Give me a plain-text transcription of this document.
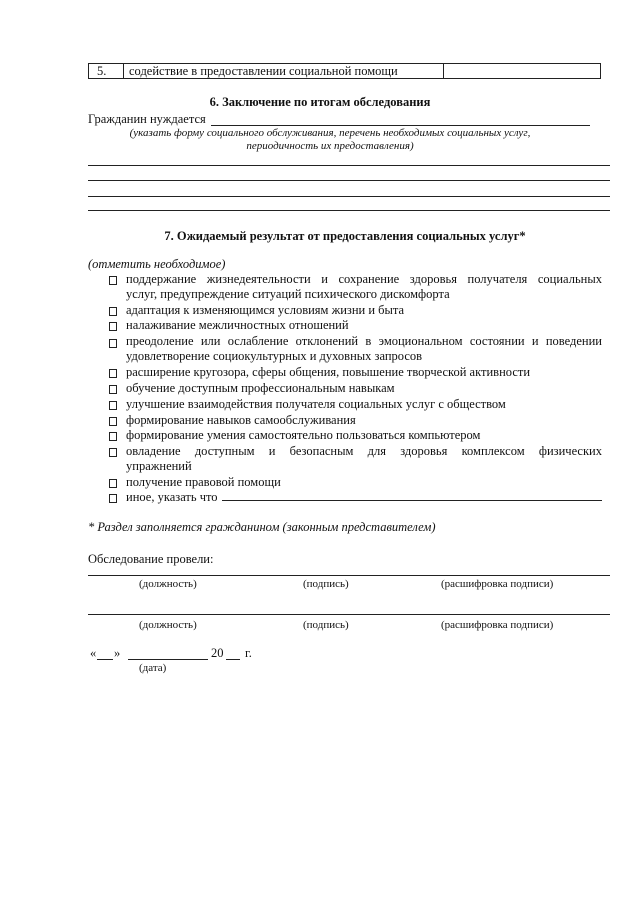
5. содействие в предоставлении социальной помощи
6. Заключение по итогам обследования
Гражданин нуждается
(указать форму социального обслуживания, перечень необходимых социальных услуг,
периодичность их предоставления)
7. Ожидаемый результат от предоставления социальных услуг*
(отметить необходимое)
поддержание жизнедеятельности и сохранение здоровья получателя социальных
услуг, предупреждение ситуаций психического дискомфорта
адаптация к изменяющимся условиям жизни и быта
налаживание межличностных отношений
преодоление или ослабление отклонений в эмоциональном состоянии и поведении
удовлетворение социокультурных и духовных запросов
расширение кругозора, сферы общения, повышение творческой активности
обучение доступным профессиональным навыкам
улучшение взаимодействия получателя социальных услуг с обществом
формирование навыков самообслуживания
формирование умения самостоятельно пользоваться компьютером
овладение доступным и безопасным для здоровья комплексом физических
упражнений
получение правовой помощи
иное, указать что
* Раздел заполняется гражданином (законным представителем)
Обследование провели:
(должность)	(подпись)	(расшифровка подписи)
(должность)	(подпись)	(расшифровка подписи)
« »	20 г.
(дата)
